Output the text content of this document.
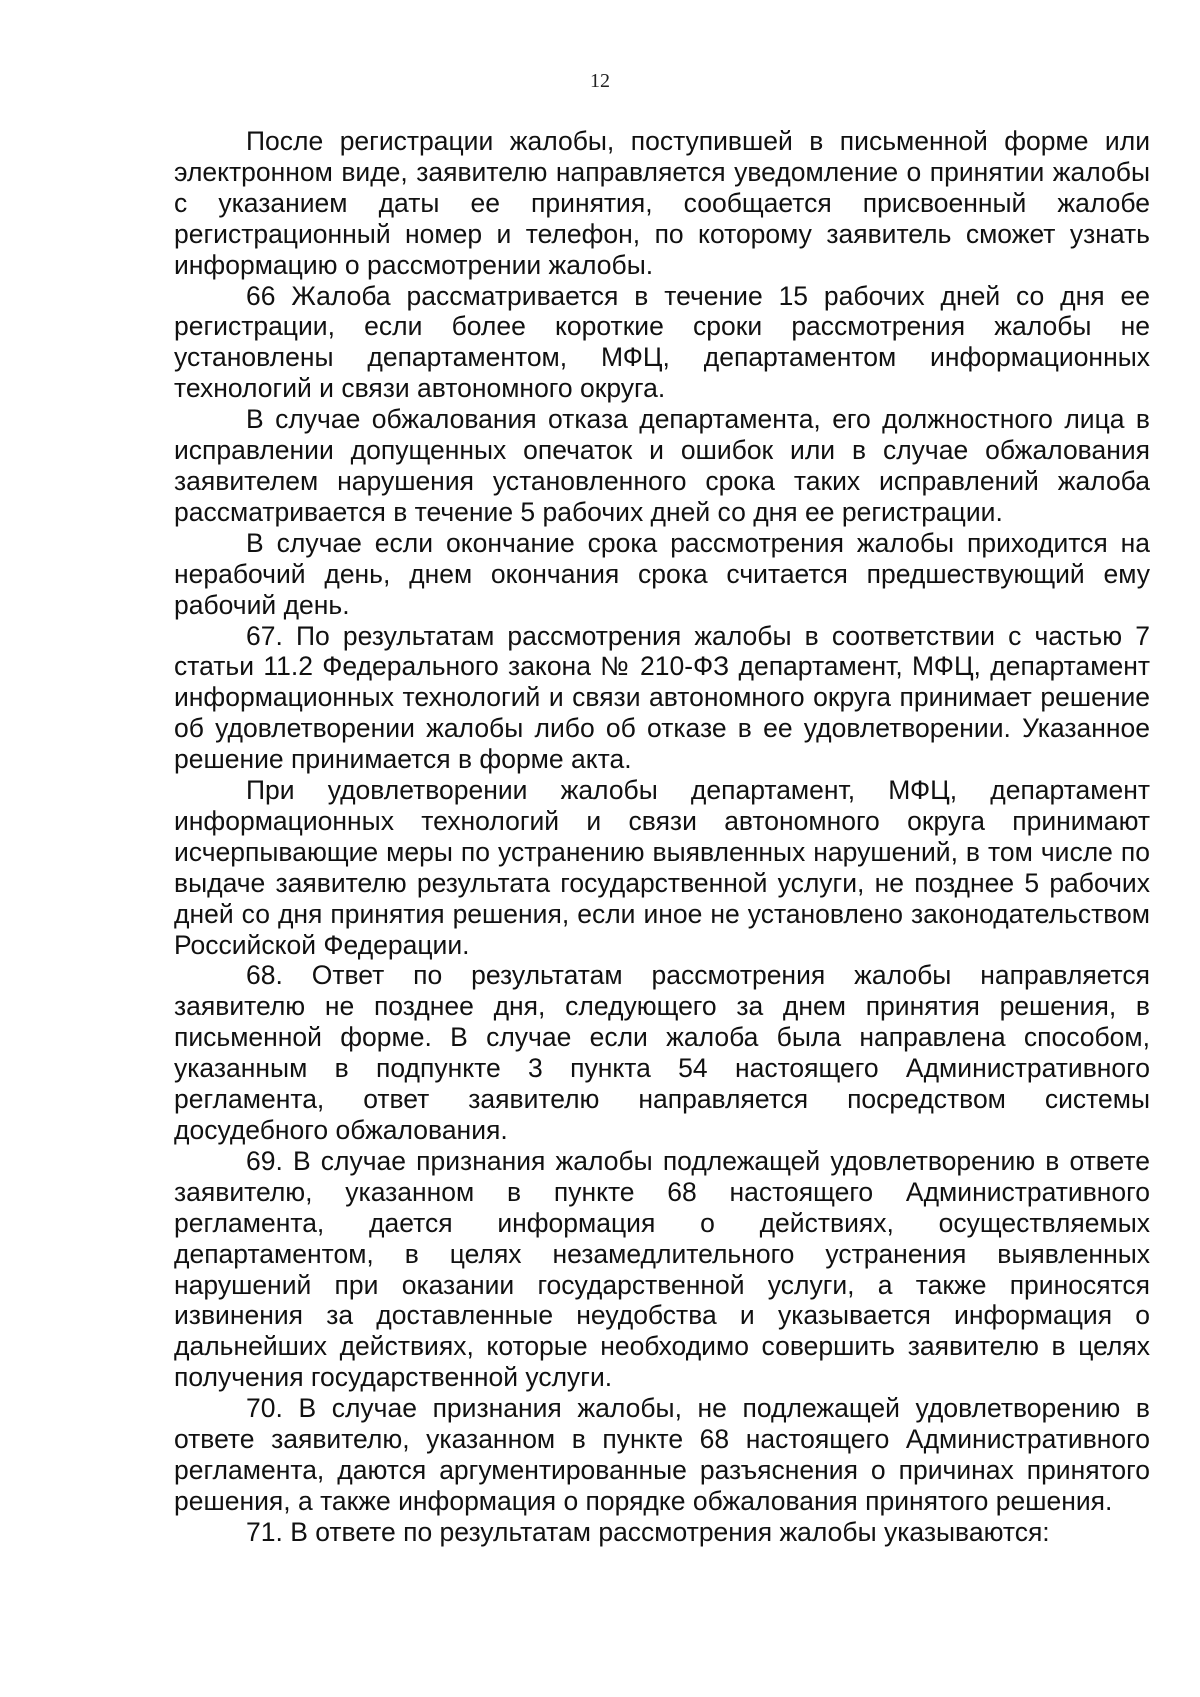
12

После регистрации жалобы, поступившей в письменной форме или электронном виде, заявителю направляется уведомление о принятии жалобы с указанием даты ее принятия, сообщается присвоенный жалобе регистрационный номер и телефон, по которому заявитель сможет узнать информацию о рассмотрении жалобы.

66 Жалоба рассматривается в течение 15 рабочих дней со дня ее регистрации, если более короткие сроки рассмотрения жалобы не установлены департаментом, МФЦ, департаментом информационных технологий и связи автономного округа.

В случае обжалования отказа департамента, его должностного лица в исправлении допущенных опечаток и ошибок или в случае обжалования заявителем нарушения установленного срока таких исправлений жалоба рассматривается в течение 5 рабочих дней со дня ее регистрации.

В случае если окончание срока рассмотрения жалобы приходится на нерабочий день, днем окончания срока считается предшествующий ему рабочий день.

67. По результатам рассмотрения жалобы в соответствии с частью 7 статьи 11.2 Федерального закона № 210-ФЗ департамент, МФЦ, департамент информационных технологий и связи автономного округа принимает решение об удовлетворении жалобы либо об отказе в ее удовлетворении. Указанное решение принимается в форме акта.

При удовлетворении жалобы департамент, МФЦ, департамент информационных технологий и связи автономного округа принимают исчерпывающие меры по устранению выявленных нарушений, в том числе по выдаче заявителю результата государственной услуги, не позднее 5 рабочих дней со дня принятия решения, если иное не установлено законодательством Российской Федерации.

68. Ответ по результатам рассмотрения жалобы направляется заявителю не позднее дня, следующего за днем принятия решения, в письменной форме. В случае если жалоба была направлена способом, указанным в подпункте 3 пункта 54 настоящего Административного регламента, ответ заявителю направляется посредством системы досудебного обжалования.

69. В случае признания жалобы подлежащей удовлетворению в ответе заявителю, указанном в пункте 68 настоящего Административного регламента, дается информация о действиях, осуществляемых департаментом, в целях незамедлительного устранения выявленных нарушений при оказании государственной услуги, а также приносятся извинения за доставленные неудобства и указывается информация о дальнейших действиях, которые необходимо совершить заявителю в целях получения государственной услуги.

70. В случае признания жалобы, не подлежащей удовлетворению в ответе заявителю, указанном в пункте 68 настоящего Административного регламента, даются аргументированные разъяснения о причинах принятого решения, а также информация о порядке обжалования принятого решения.

71. В ответе по результатам рассмотрения жалобы указываются:
